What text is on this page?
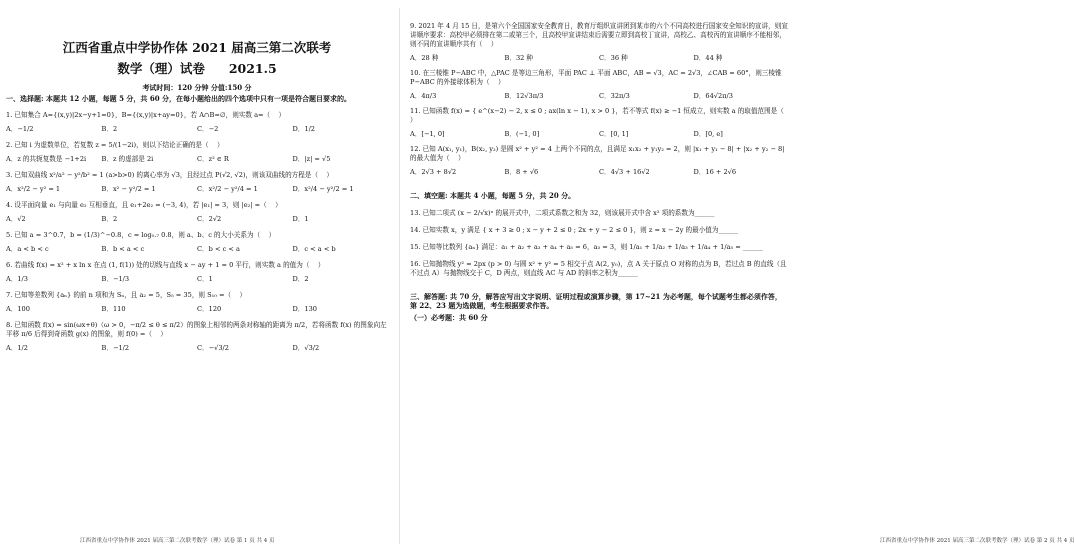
江西省重点中学协作体 2021 届高三第二次联考
数学（理）试卷 2021.5
考试时间：120 分钟 分值:150 分
一、选择题: 本题共 12 小题，每题 5 分，共 60 分，在每小题给出的四个选项中只有一项是符合题目要求的。
1. 已知集合 A={(x,y)|2x−y+1=0}，B={(x,y)|x+ay=0}，若 A∩B=∅，则实数 a=（    ）
A．−1/2	B．2	C．−2	D．1/2
2. 已知 i 为虚数单位，若复数 z = 5/(1−2i)，则以下结论正确的是（    ）
A．z 的共轭复数是 −1+2i	B．z 的虚部是 2i	C．z² ∈ R	D．|z| = √5
3. 已知双曲线 x²/a² − y²/b² = 1 (a>b>0) 的离心率为 √3，且经过点 P(√2, √2)，则该双曲线的方程是（    ）
A．x²/2 − y² = 1	B．x² − y²/2 = 1	C．x²/2 − y²/4 = 1	D．x²/4 − y²/2 = 1
4. 设平面向量 e₁ 与向量 e₂ 互相垂直，且 e₁+2e₂ = (−3, 4)，若 |e₁| = 3，则 |e₂| =（    ）
A．√2	B．2	C．2√2	D．1
5. 已知 a = 3^0.7，b = (1/3)^−0.8，c = log₀.₇ 0.8，则 a、b、c 的大小关系为（    ）
A．a < b < c	B．b < a < c	C．b < c < a	D．c < a < b
6. 若曲线 f(x) = x² + x ln x 在点 (1, f(1)) 处的切线与直线 x − ay + 1 = 0 平行，则实数 a 的值为（    ）
A．1/3	B．−1/3	C．1	D．2
7. 已知等差数列 {aₙ} 的前 n 项和为 Sₙ，且 a₂ = 5，S₅ = 35，则 S₁₀ =（    ）
A．100	B．110	C．120	D．130
8. 已知函数 f(x) = sin(ωx+θ)（ω > 0，−π/2 ≤ θ ≤ π/2）的图象上相邻的两条对称轴的距离为 π/2，若将函数 f(x) 的图象向左平移 π/6 后得到奇函数 g(x) 的图象，则 f(0) =（    ）
A．1/2	B．−1/2	C．−√3/2	D．√3/2
江西省重点中学协作体 2021 届高三第二次联考数学（理）试卷 第 1 页 共 4 页
9. 2021 年 4 月 15 日，是第六个全国国家安全教育日，教育厅组织宣讲团到某市的六个不同高校进行国家安全知识的宣讲，则宣讲顺序要求：高校甲必须排在第二或第三个，且高校甲宣讲结束后需要立即到高校丁宣讲，高校乙、高校丙的宣讲顺序不能相邻，则不同的宣讲顺序共有（    ）
A．28 种	B．32 种	C．36 种	D．44 种
10. 在三棱锥 P−ABC 中，△PAC 是等边三角形，平面 PAC ⊥ 平面 ABC，AB = √3，AC = 2√3，∠CAB = 60°，则三棱锥 P−ABC 的外接球体积为（    ）
A．4π/3	B．12√3π/3	C．32π/3	D．64√2π/3
11. 已知函数 f(x) = { e^(x−2) − 2, x ≤ 0 ; ax(ln x − 1), x > 0 }，若不等式 f(x) ≥ −1 恒成立，则实数 a 的取值范围是（    ）
A．[−1, 0]	B．(−1, 0]	C．[0, 1]	D．[0, e]
12. 已知 A(x₁, y₁)，B(x₂, y₂) 是圆 x² + y² = 4 上两个不同的点，且满足 x₁x₂ + y₁y₂ = 2，则 |x₁ + y₁ − 8| + |x₂ + y₂ − 8| 的最大值为（    ）
A．2√3 + 8√2	B．8 + √6	C．4√3 + 16√2	D．16 + 2√6
二、填空题: 本题共 4 小题，每题 5 分，共 20 分。
13. 已知二项式 (x − 2/√x)ⁿ 的展开式中，二项式系数之和为 32，则该展开式中含 x² 项的系数为______
14. 已知实数 x，y 满足 { x + 3 ≥ 0 ; x − y + 2 ≤ 0 ; 2x + y − 2 ≤ 0 }，则 z = x − 2y 的最小值为______
15. 已知等比数列 {aₙ} 满足：a₁ + a₂ + a₃ + a₄ + a₅ = 6，a₃ = 3，则 1/a₁ + 1/a₂ + 1/a₃ + 1/a₄ + 1/a₅ = ______
16. 已知抛物线 y² = 2px (p > 0) 与圆 x² + y² = 5 相交于点 A(2, y₀)，点 A 关于原点 O 对称的点为 B，若过点 B 的直线（且不过点 A）与抛物线交于 C，D 两点，则直线 AC 与 AD 的斜率之积为______
三、解答题: 共 70 分，解答应写出文字说明、证明过程或演算步骤，第 17~21 为必考题，每个试题考生都必须作答，第 22、23 题为选做题，考生根据要求作答。
（一）必考题：共 60 分
江西省重点中学协作体 2021 届高三第二次联考数学（理）试卷 第 2 页 共 4 页
